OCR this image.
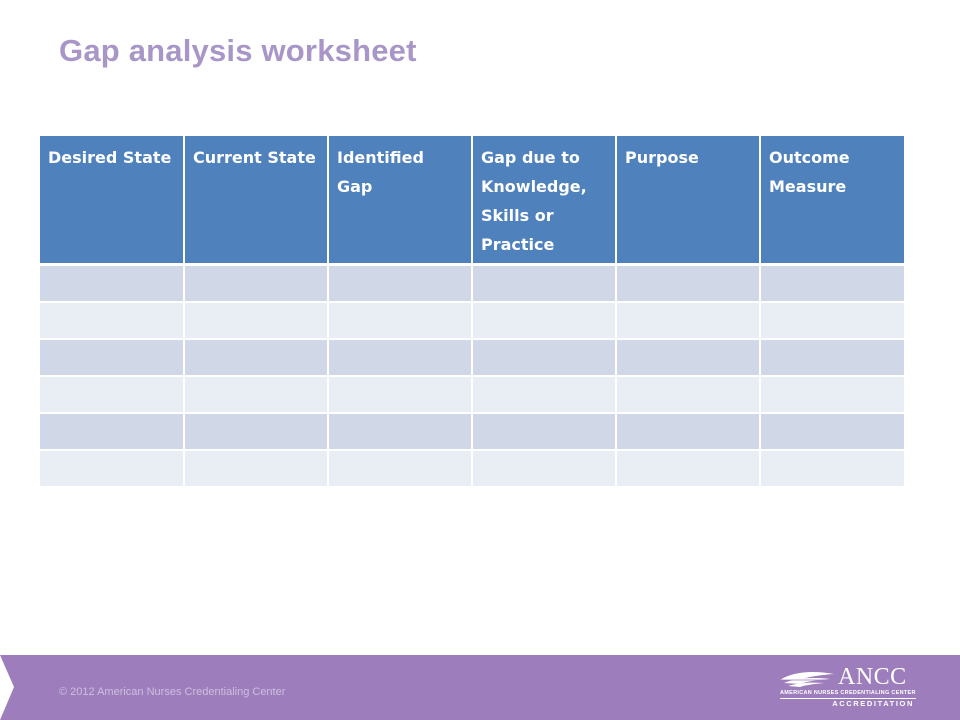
Gap analysis worksheet
Desired State	Current State	Identified Gap	Gap due to Knowledge, Skills or Practice	Purpose	Outcome Measure

© 2012 American Nurses Credentialing Center
ANCC
AMERICAN NURSES CREDENTIALING CENTER
ACCREDITATION
